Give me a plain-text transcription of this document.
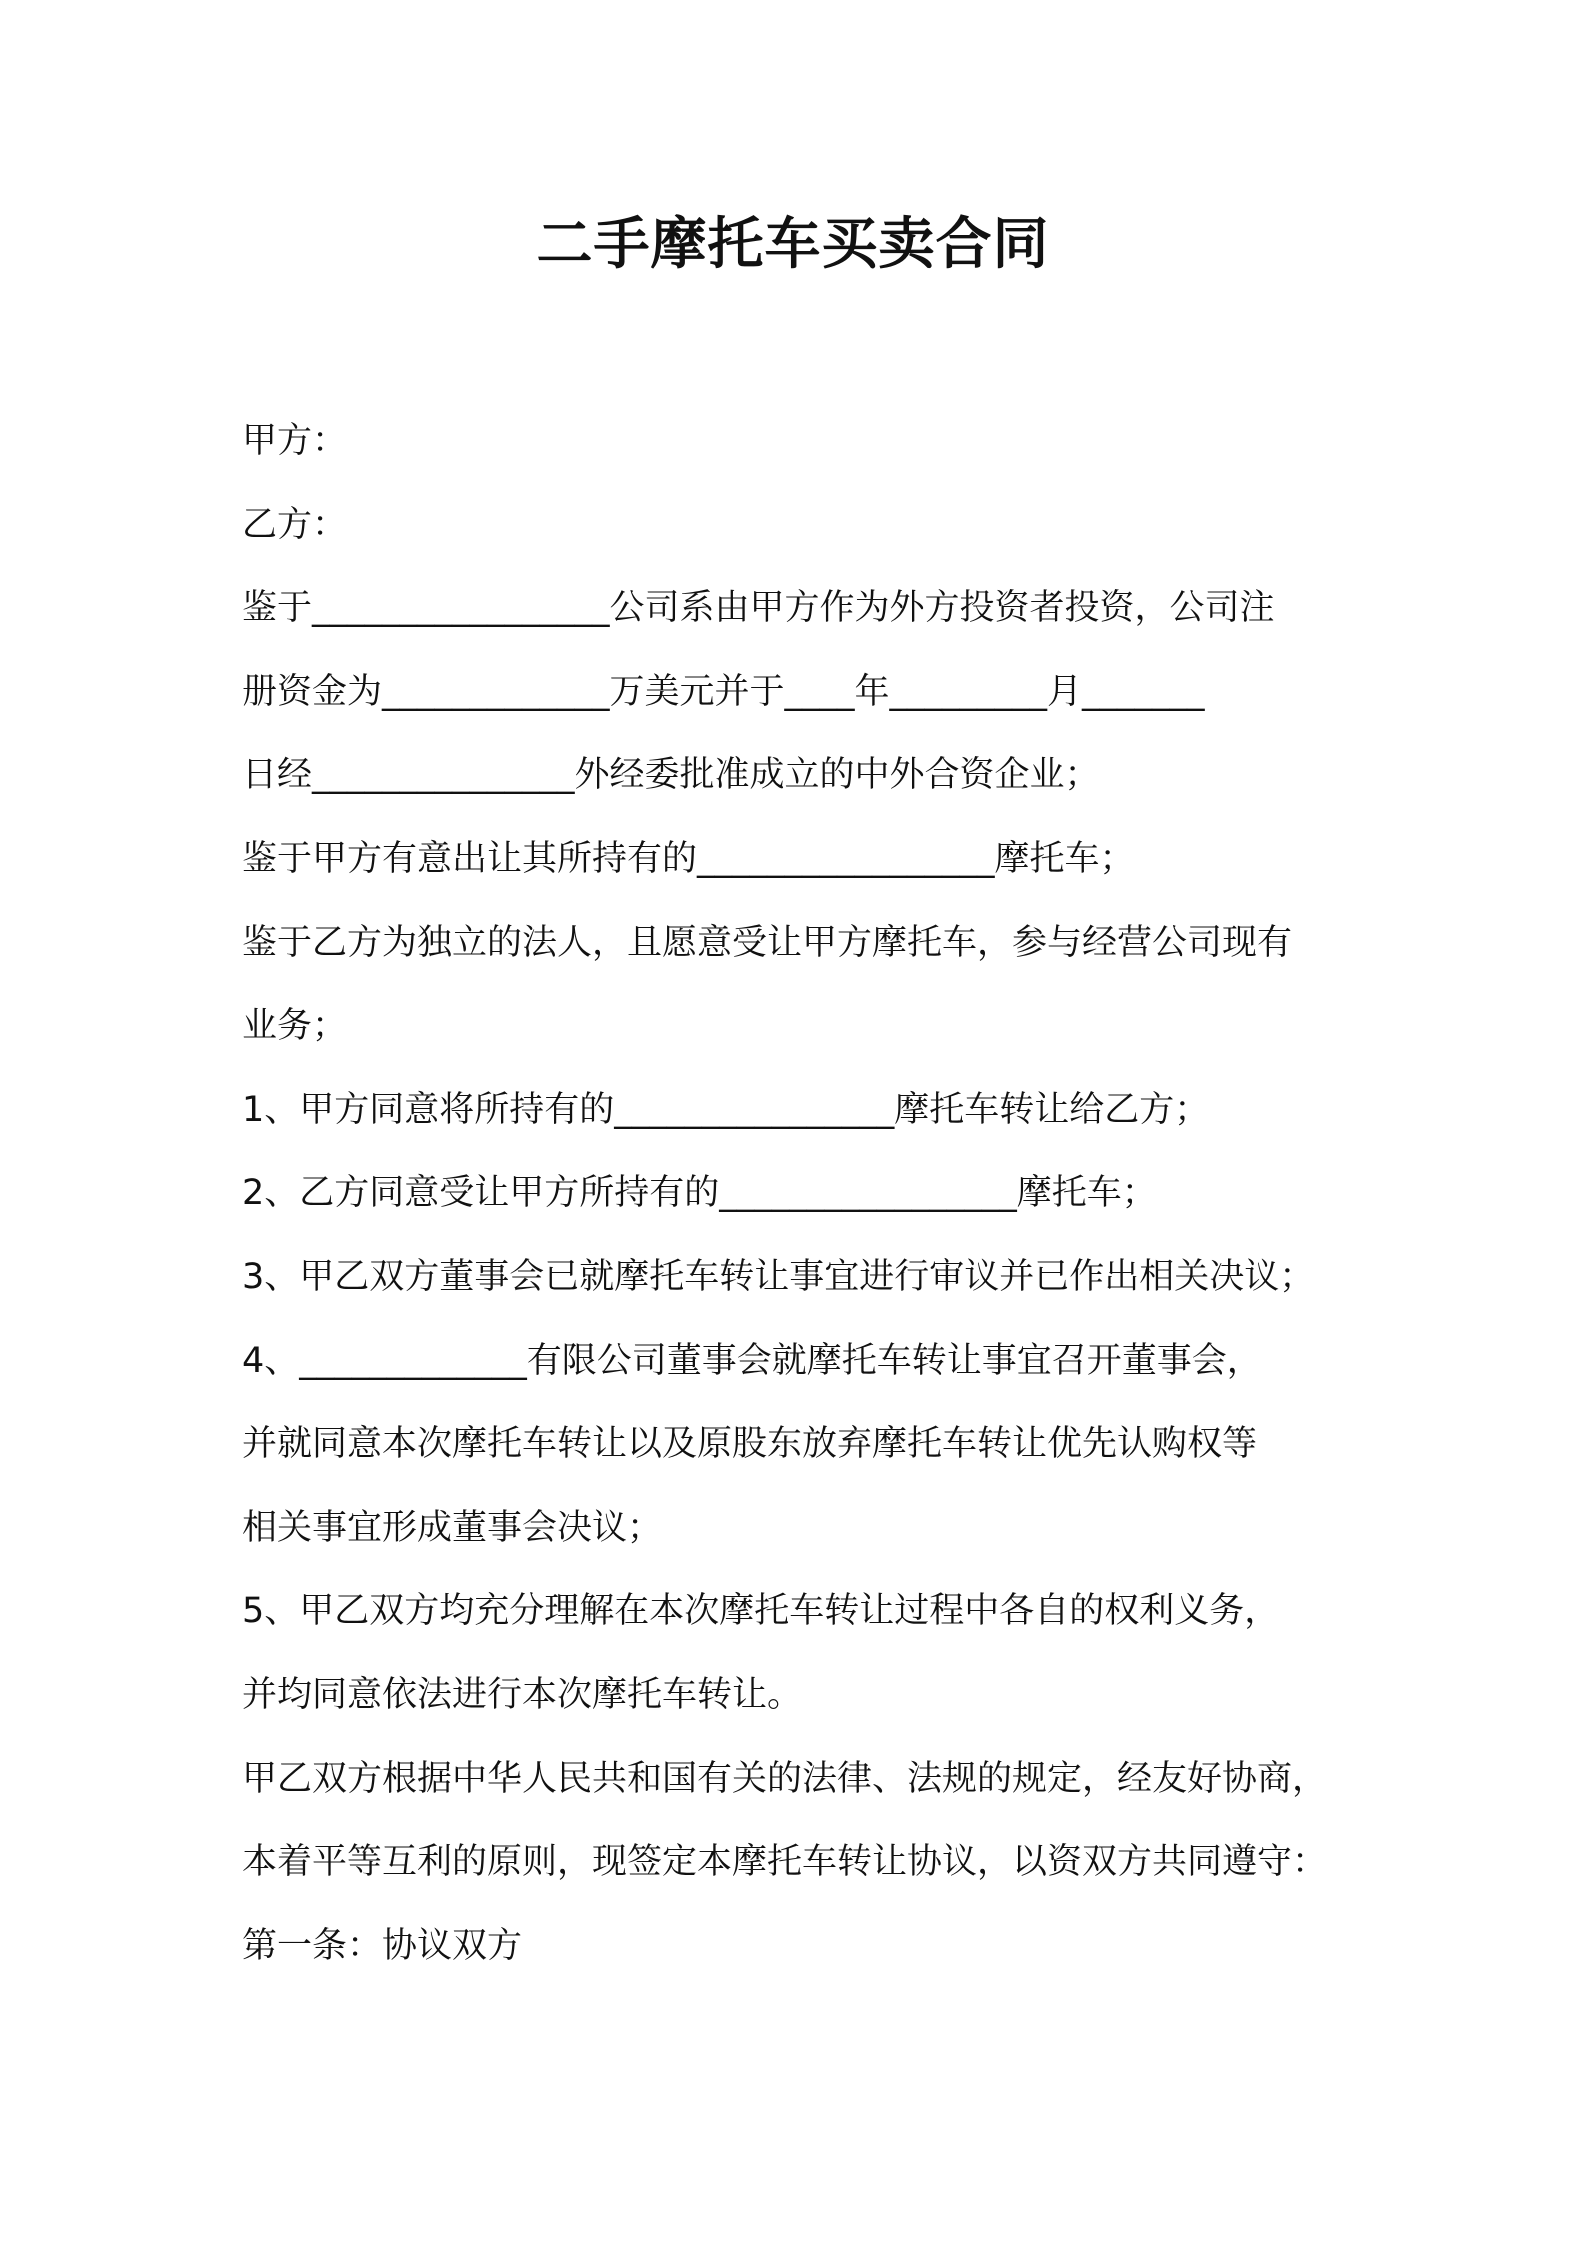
二手摩托车买卖合同
甲方：
乙方：
鉴于_________________公司系由甲方作为外方投资者投资，公司注
册资金为_____________万美元并于____年_________月_______
日经_______________外经委批准成立的中外合资企业；
鉴于甲方有意出让其所持有的_________________摩托车；
鉴于乙方为独立的法人，且愿意受让甲方摩托车，参与经营公司现有
业务；
1、甲方同意将所持有的________________摩托车转让给乙方；
2、乙方同意受让甲方所持有的_________________摩托车；
3、甲乙双方董事会已就摩托车转让事宜进行审议并已作出相关决议；
4、_____________有限公司董事会就摩托车转让事宜召开董事会，
并就同意本次摩托车转让以及原股东放弃摩托车转让优先认购权等
相关事宜形成董事会决议；
5、甲乙双方均充分理解在本次摩托车转让过程中各自的权利义务，
并均同意依法进行本次摩托车转让。
甲乙双方根据中华人民共和国有关的法律、法规的规定，经友好协商，
本着平等互利的原则，现签定本摩托车转让协议，以资双方共同遵守：
第一条：协议双方
